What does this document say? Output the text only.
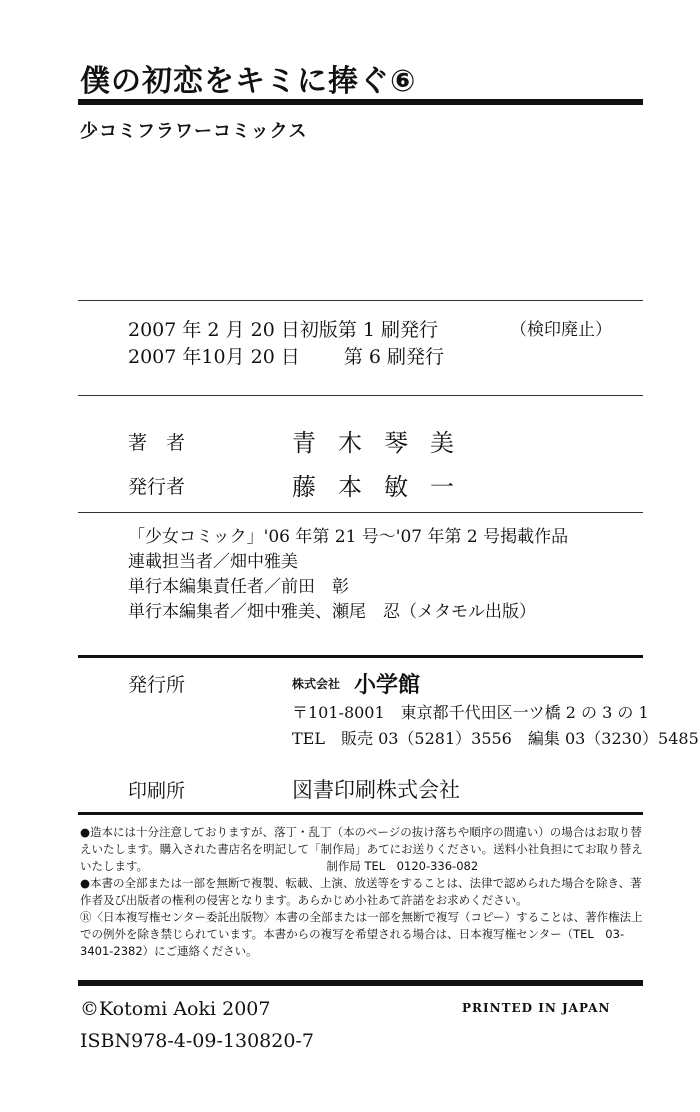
僕の初恋をキミに捧ぐ⑥
少コミフラワーコミックス
2007 年 2 月 20 日初版第 1 刷発行	（検印廃止）
2007 年10月 20 日　　 第 6 刷発行
著　者	青木琴美
発行者	藤本敏一
「少女コミック」'06 年第 21 号〜'07 年第 2 号掲載作品
連載担当者／畑中雅美
単行本編集責任者／前田　彰
単行本編集者／畑中雅美、瀬尾　忍（メタモル出版）
発行所	株式会社 小学館
〒101-8001　東京都千代田区一ツ橋 2 の 3 の 1
TEL　販売 03（5281）3556　編集 03（3230）5485
印刷所	図書印刷株式会社

●造本には十分注意しておりますが、落丁・乱丁（本のページの抜け落ちや順序の間違い）の場合はお取り替えいたします。購入された書店名を明記して「制作局」あてにお送りください。送料小社負担にてお取り替えいたします。　　　　　　　　　　　　　　　　制作局 TEL　0120-336-082

●本書の全部または一部を無断で複製、転載、上演、放送等をすることは、法律で認められた場合を除き、著作者及び出版者の権利の侵害となります。あらかじめ小社あて許諾をお求めください。

Ⓡ〈日本複写権センター委託出版物〉本書の全部または一部を無断で複写（コピー）することは、著作権法上での例外を除き禁じられています。本書からの複写を希望される場合は、日本複写権センター（TEL　03-3401-2382）にご連絡ください。

©Kotomi Aoki 2007	PRINTED IN JAPAN
ISBN978-4-09-130820-7
